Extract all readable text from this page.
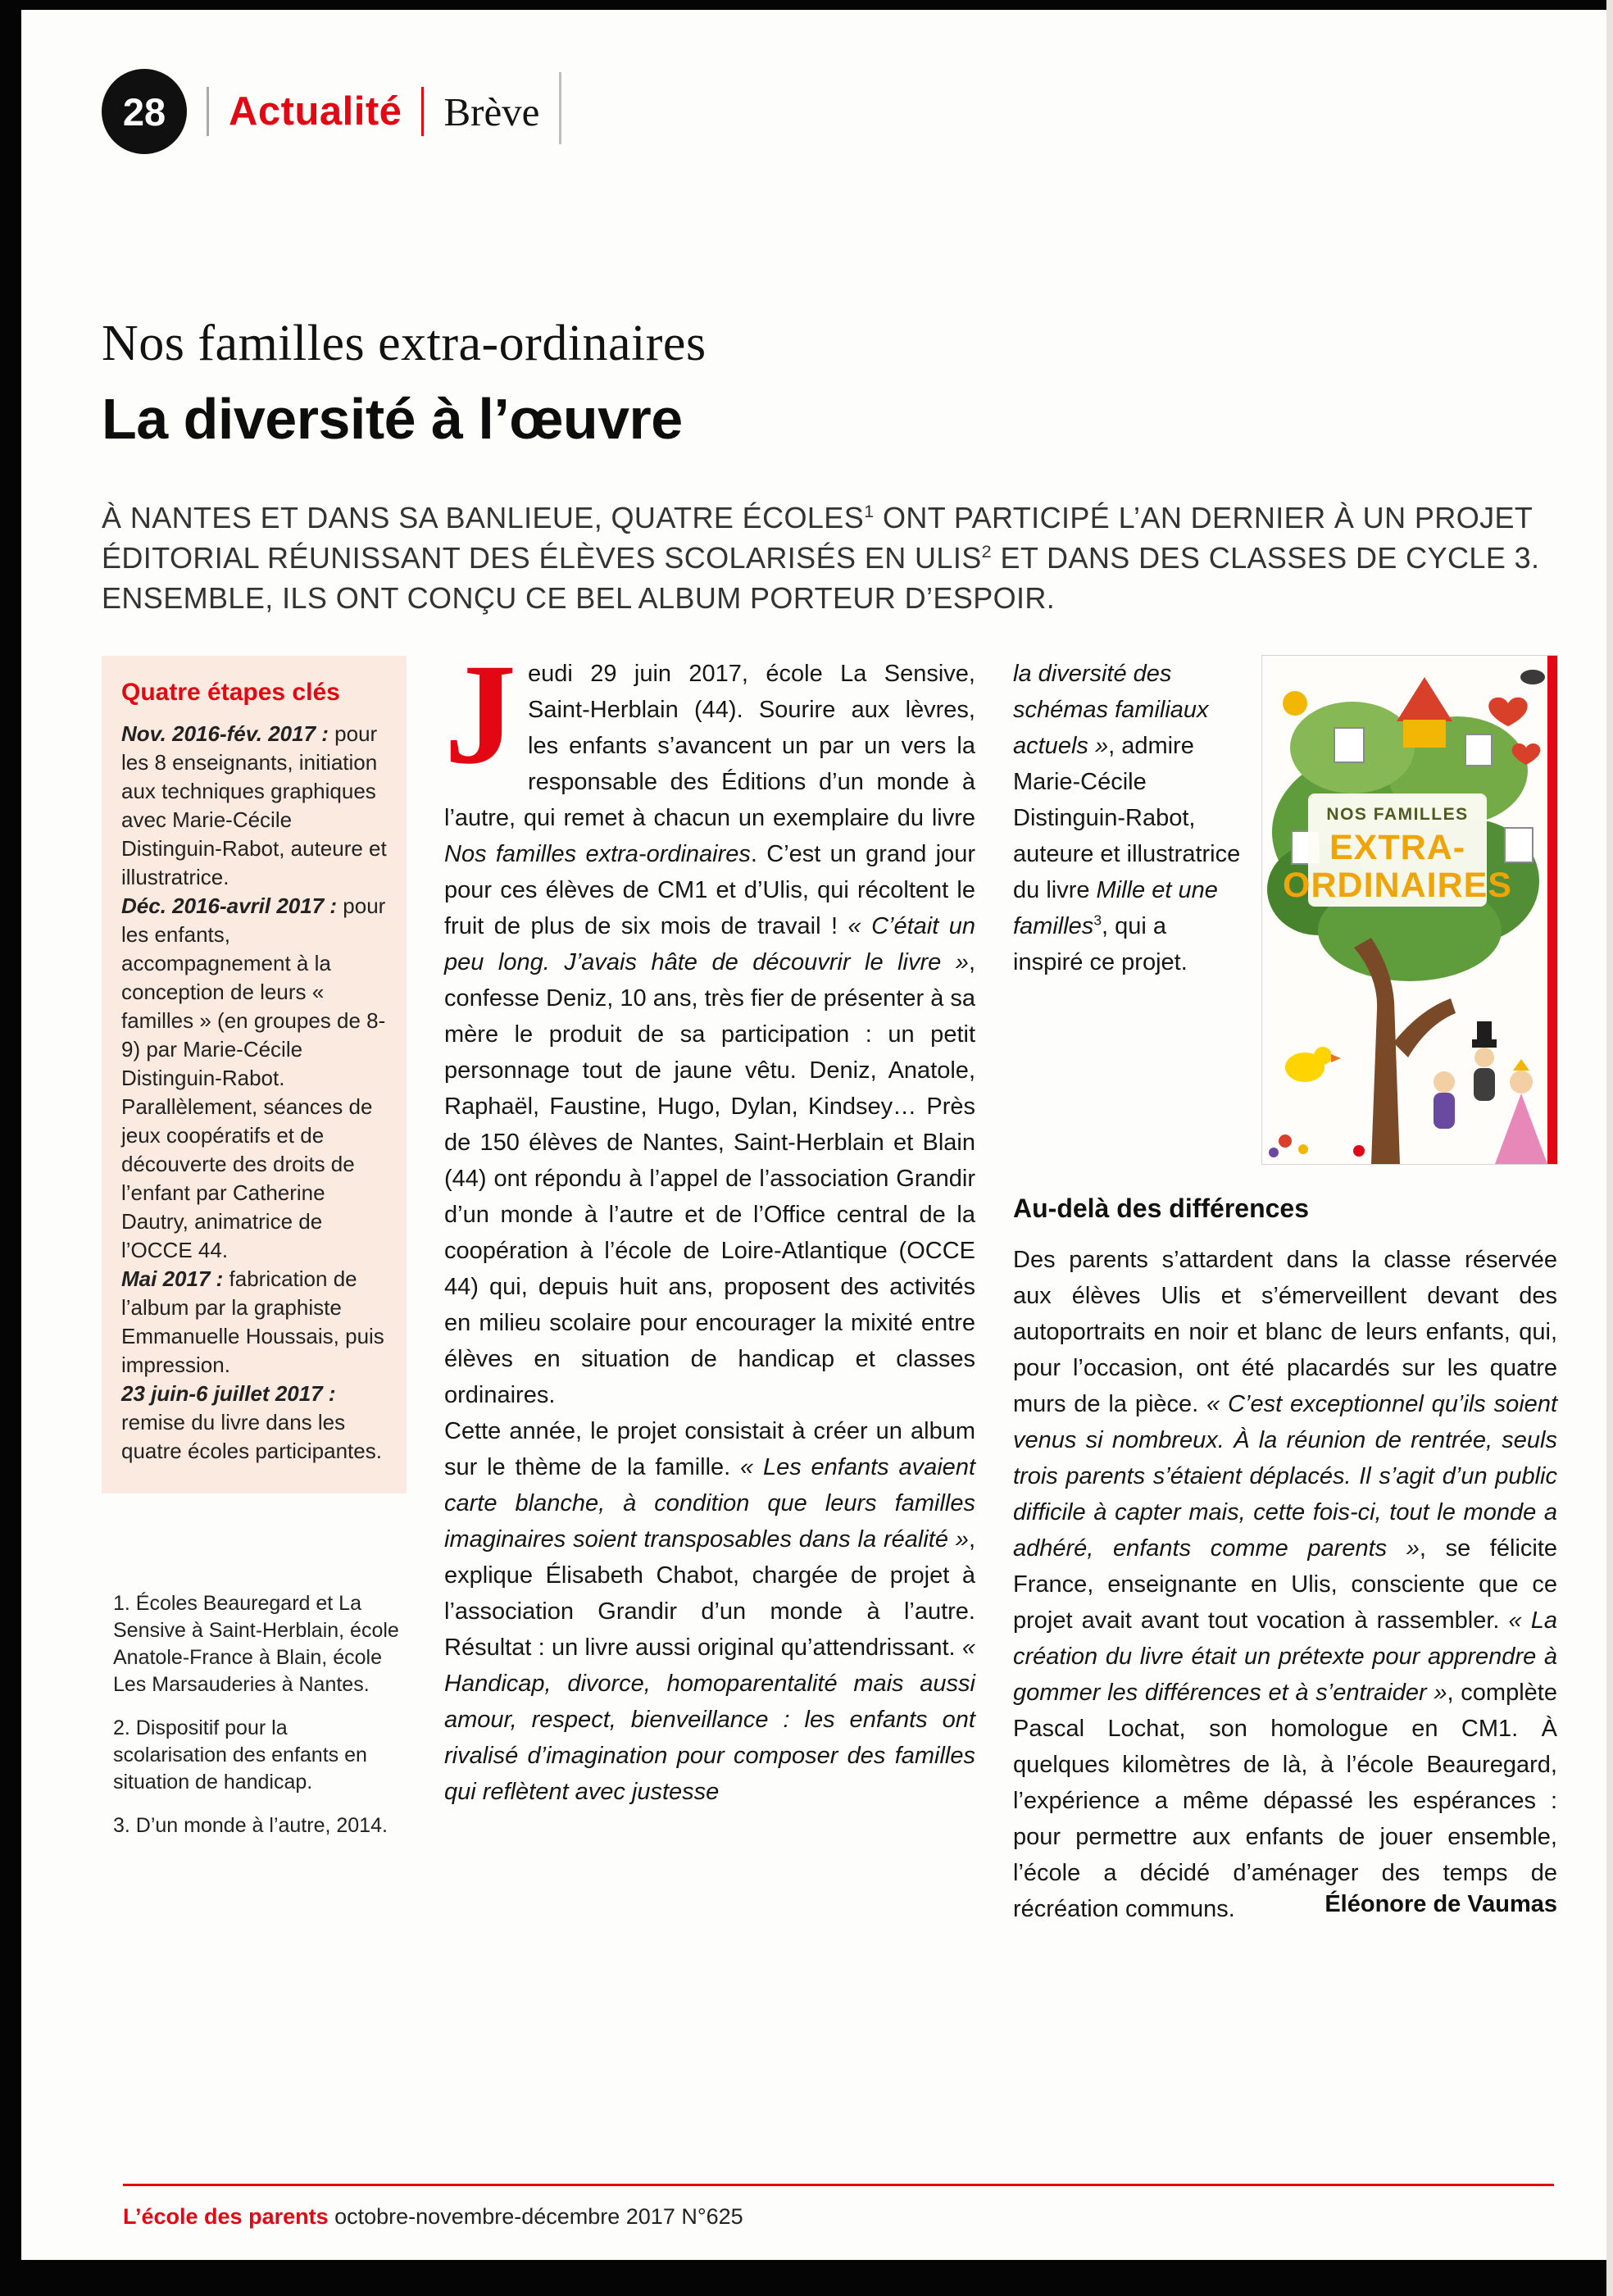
28	Actualité Brève
Nos familles extra-ordinaires
La diversité à l’œuvre

À NANTES ET DANS SA BANLIEUE, QUATRE ÉCOLES$^1$ ONT PARTICIPÉ L’AN DERNIER À UN PROJET ÉDITORIAL RÉUNISSANT DES ÉLÈVES SCOLARISÉS EN ULIS$^2$ ET DANS DES CLASSES DE CYCLE 3. ENSEMBLE, ILS ONT CONÇU CE BEL ALBUM PORTEUR D’ESPOIR.

Quatre étapes clés

Nov. 2016-fév. 2017 : pour les 8 enseignants, initiation aux techniques graphiques avec Marie-Cécile Distinguin-Rabot, auteure et illustratrice.

Déc. 2016-avril 2017 : pour les enfants, accompagnement à la conception de leurs « familles » (en groupes de 8-9) par Marie-Cécile Distinguin-Rabot. Parallèlement, séances de jeux coopératifs et de découverte des droits de l’enfant par Catherine Dautry, animatrice de l’OCCE 44.

Mai 2017 : fabrication de l’album par la graphiste Emmanuelle Houssais, puis impression.

23 juin-6 juillet 2017 : remise du livre dans les quatre écoles participantes.

1. Écoles Beauregard et La Sensive à Saint-Herblain, école Anatole-France à Blain, école Les Marsauderies à Nantes.

2. Dispositif pour la scolarisation des enfants en situation de handicap.

3. D’un monde à l’autre, 2014.

Jeudi 29 juin 2017, école La Sensive, Saint-Herblain (44). Sourire aux lèvres, les enfants s’avancent un par un vers la responsable des Éditions d’un monde à l’autre, qui remet à chacun un exemplaire du livre Nos familles extra-ordinaires. C’est un grand jour pour ces élèves de CM1 et d’Ulis, qui récoltent le fruit de plus de six mois de travail ! « C’était un peu long. J’avais hâte de découvrir le livre », confesse Deniz, 10 ans, très fier de présenter à sa mère le produit de sa participation : un petit personnage tout de jaune vêtu. Deniz, Anatole, Raphaël, Faustine, Hugo, Dylan, Kindsey… Près de 150 élèves de Nantes, Saint-Herblain et Blain (44) ont répondu à l’appel de l’association Grandir d’un monde à l’autre et de l’Office central de la coopération à l’école de Loire-Atlantique (OCCE 44) qui, depuis huit ans, proposent des activités en milieu scolaire pour encourager la mixité entre élèves en situation de handicap et classes ordinaires.

Cette année, le projet consistait à créer un album sur le thème de la famille. « Les enfants avaient carte blanche, à condition que leurs familles imaginaires soient transposables dans la réalité », explique Élisabeth Chabot, chargée de projet à l’association Grandir d’un monde à l’autre. Résultat : un livre aussi original qu’attendrissant. « Handicap, divorce, homoparentalité mais aussi amour, respect, bienveillance : les enfants ont rivalisé d’imagination pour composer des familles qui reflètent avec justesse

la diversité des schémas familiaux actuels », admire Marie-Cécile Distinguin-Rabot, auteure et illustratrice du livre Mille et une familles$^3$, qui a inspiré ce projet.
NOS FAMILLES
EXTRA-
ORDINAIRES
Au-delà des différences

Des parents s’attardent dans la classe réservée aux élèves Ulis et s’émerveillent devant des autoportraits en noir et blanc de leurs enfants, qui, pour l’occasion, ont été placardés sur les quatre murs de la pièce. « C’est exceptionnel qu’ils soient venus si nombreux. À la réunion de rentrée, seuls trois parents s’étaient déplacés. Il s’agit d’un public difficile à capter mais, cette fois-ci, tout le monde a adhéré, enfants comme parents », se félicite France, enseignante en Ulis, consciente que ce projet avait avant tout vocation à rassembler. « La création du livre était un prétexte pour apprendre à gommer les différences et à s’entraider », complète Pascal Lochat, son homologue en CM1. À quelques kilomètres de là, à l’école Beauregard, l’expérience a même dépassé les espérances : pour permettre aux enfants de jouer ensemble, l’école a décidé d’aménager des temps de récréation communs.	Éléonore de Vaumas

L’école des parents octobre-novembre-décembre 2017 N°625
